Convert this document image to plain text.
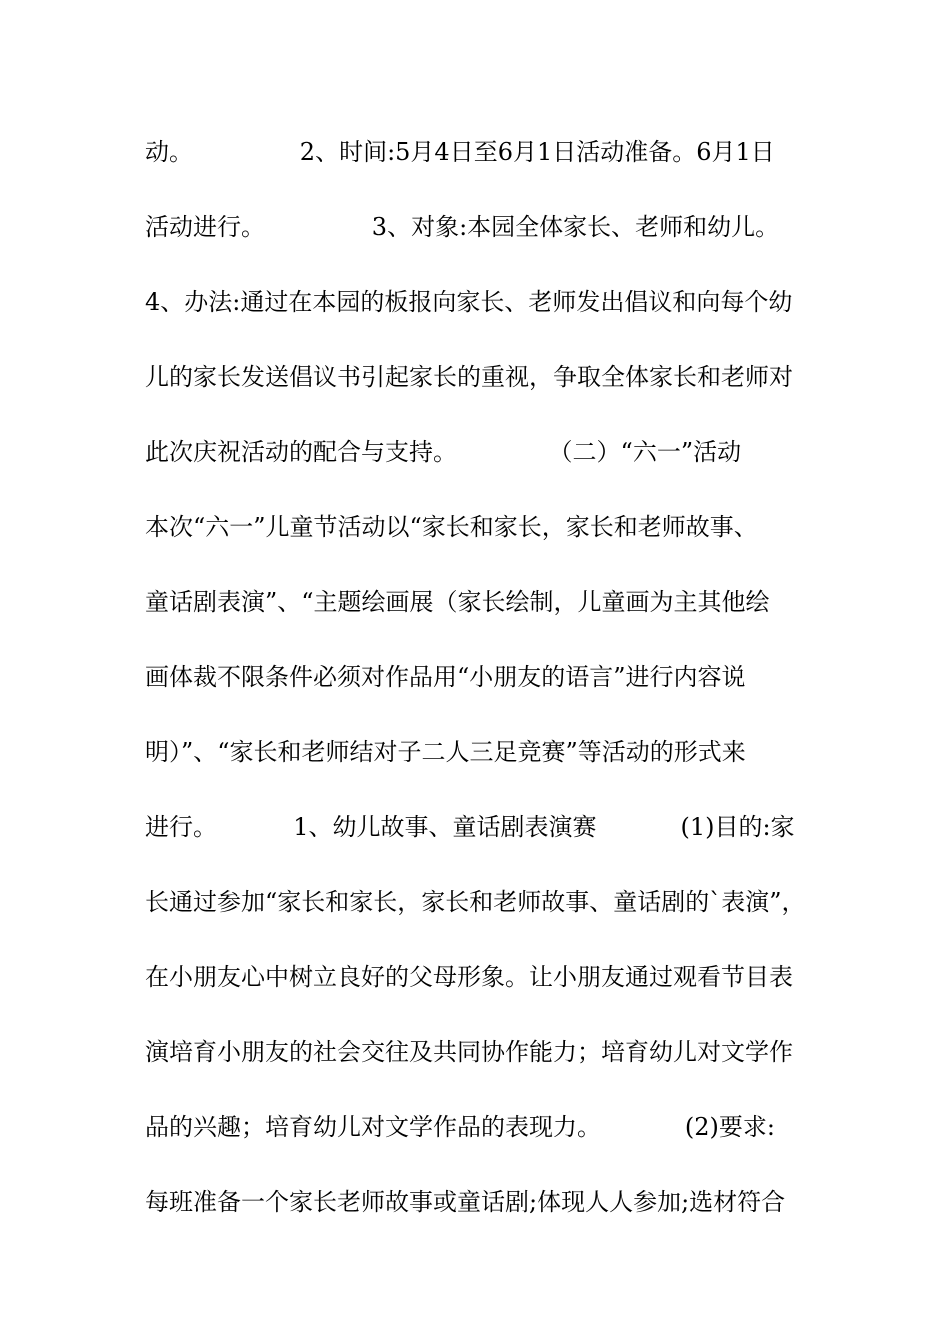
动。              2、时间:5月4日至6月1日活动准备。6月1日
活动进行。              3、对象:本园全体家长、老师和幼儿。
4、办法:通过在本园的板报向家长、老师发出倡议和向每个幼
儿的家长发送倡议书引起家长的重视，争取全体家长和老师对
此次庆祝活动的配合与支持。            （二）“六一”活动
本次“六一”儿童节活动以“家长和家长，家长和老师故事、
童话剧表演”、“主题绘画展（家长绘制，儿童画为主其他绘
画体裁不限条件必须对作品用“小朋友的语言”进行内容说
明）”、“家长和老师结对子二人三足竞赛”等活动的形式来
进行。          1、幼儿故事、童话剧表演赛           (1)目的:家
长通过参加“家长和家长，家长和老师故事、童话剧的`表演”，
在小朋友心中树立良好的父母形象。让小朋友通过观看节目表
演培育小朋友的社会交往及共同协作能力；培育幼儿对文学作
品的兴趣；培育幼儿对文学作品的表现力。           (2)要求:
每班准备一个家长老师故事或童话剧;体现人人参加;选材符合
